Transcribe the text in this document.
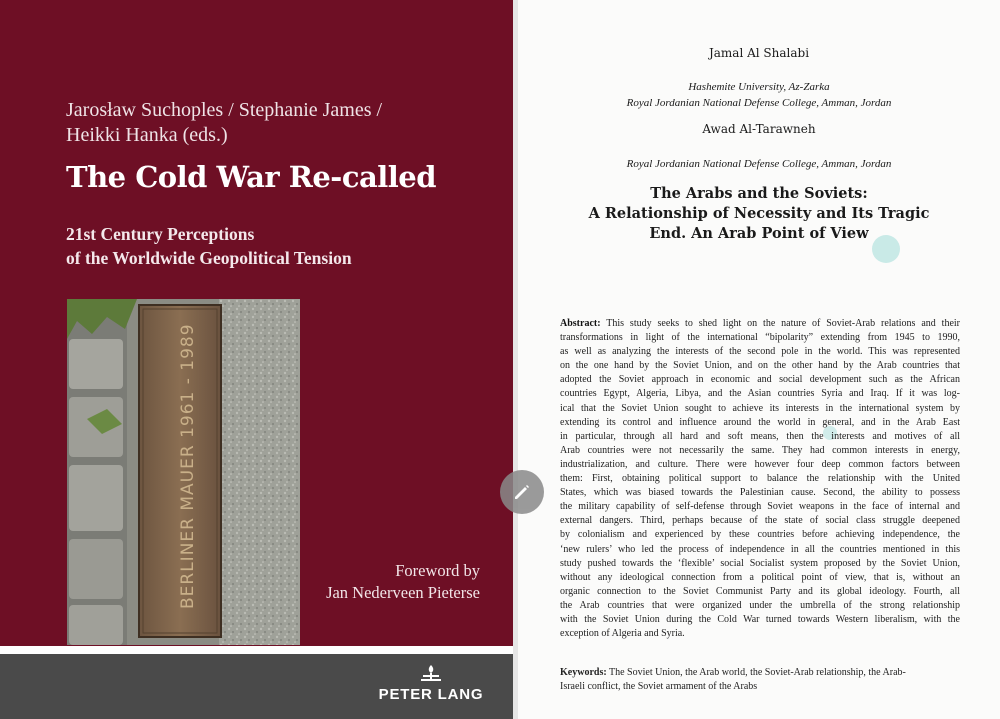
Jarosław Suchoples / Stephanie James /
Heikki Hanka (eds.)
The Cold War Re-called
21st Century Perceptions
of the Worldwide Geopolitical Tension
BERLINER MAUER 1961 - 1989	Foreword by
Jan Nederveen Pieterse
PETER LANG
Jamal Al Shalabi
Hashemite University, Az-Zarka
Royal Jordanian National Defense College, Amman, Jordan
Awad Al-Tarawneh
Royal Jordanian National Defense College, Amman, Jordan
The Arabs and the Soviets:
A Relationship of Necessity and Its Tragic
End. An Arab Point of View
Abstract: This study seeks to shed light on the nature of Soviet-Arab relations and their
transformations in light of the international “bipolarity” extending from 1945 to 1990,
as well as analyzing the interests of the second pole in the world. This was represented
on the one hand by the Soviet Union, and on the other hand by the Arab countries that
adopted the Soviet approach in economic and social development such as the African
countries Egypt, Algeria, Libya, and the Asian countries Syria and Iraq. If it was log-
ical that the Soviet Union sought to achieve its interests in the international system by
extending its control and influence around the world in general, and in the Arab East
in particular, through all hard and soft means, then the interests and motives of all
Arab countries were not necessarily the same. They had common interests in energy,
industrialization, and culture. There were however four deep common factors between
them: First, obtaining political support to balance the relationship with the United
States, which was biased towards the Palestinian cause. Second, the ability to possess
the military capability of self-defense through Soviet weapons in the face of internal and
external dangers. Third, perhaps because of the state of social class struggle deepened
by colonialism and experienced by these countries before achieving independence, the
‘new rulers’ who led the process of independence in all the countries mentioned in this
study pushed towards the ‘flexible’ social Socialist system proposed by the Soviet Union,
without any ideological connection from a political point of view, that is, without an
organic connection to the Soviet Communist Party and its global ideology. Fourth, all
the Arab countries that were organized under the umbrella of the strong relationship
with the Soviet Union during the Cold War turned towards Western liberalism, with the
exception of Algeria and Syria.
Keywords: The Soviet Union, the Arab world, the Soviet-Arab relationship, the Arab-
Israeli conflict, the Soviet armament of the Arabs
